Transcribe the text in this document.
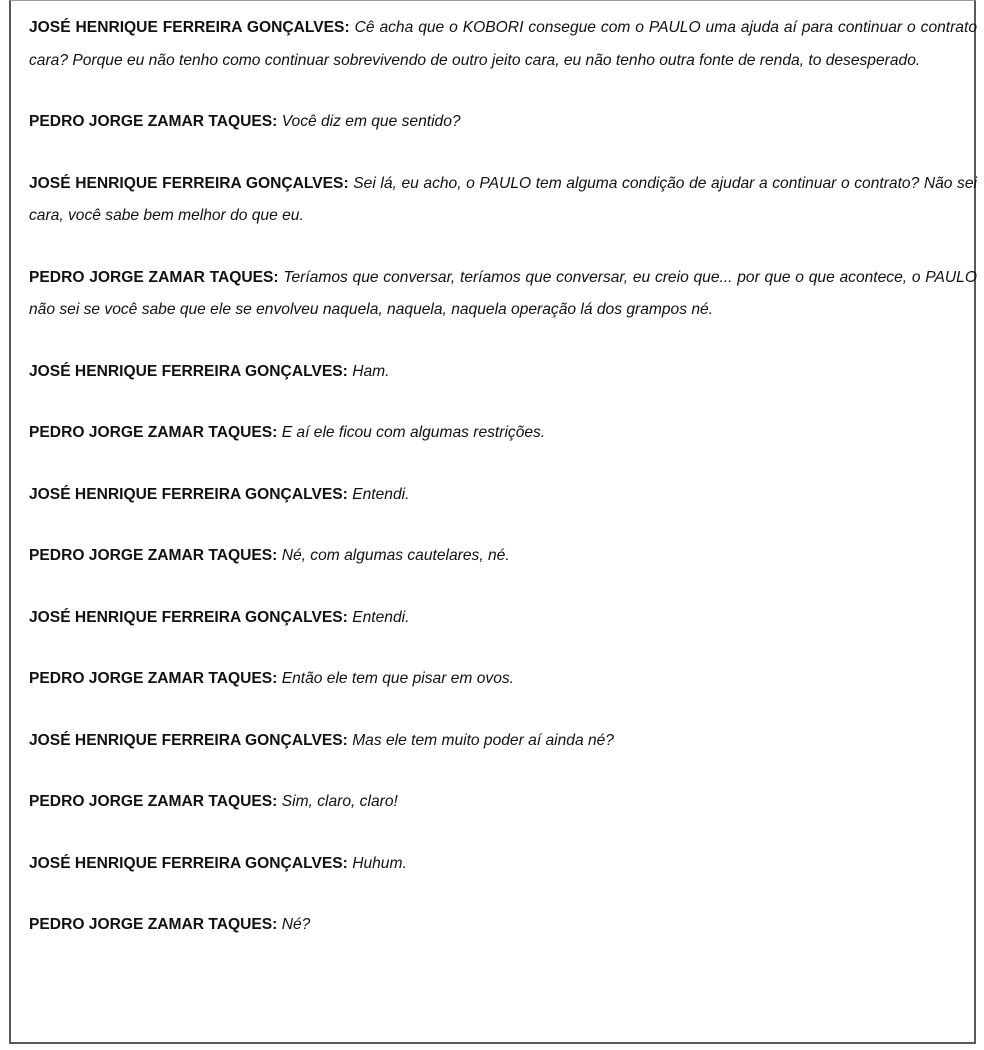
JOSÉ HENRIQUE FERREIRA GONÇALVES: Cê acha que o KOBORI consegue com o PAULO uma ajuda aí para continuar o contrato cara? Porque eu não tenho como continuar sobrevivendo de outro jeito cara, eu não tenho outra fonte de renda, to desesperado.

PEDRO JORGE ZAMAR TAQUES: Você diz em que sentido?

JOSÉ HENRIQUE FERREIRA GONÇALVES: Sei lá, eu acho, o PAULO tem alguma condição de ajudar a continuar o contrato? Não sei cara, você sabe bem melhor do que eu.

PEDRO JORGE ZAMAR TAQUES: Teríamos que conversar, teríamos que conversar, eu creio que... por que o que acontece, o PAULO não sei se você sabe que ele se envolveu naquela, naquela, naquela operação lá dos grampos né.

JOSÉ HENRIQUE FERREIRA GONÇALVES: Ham.

PEDRO JORGE ZAMAR TAQUES: E aí ele ficou com algumas restrições.

JOSÉ HENRIQUE FERREIRA GONÇALVES: Entendi.

PEDRO JORGE ZAMAR TAQUES: Né, com algumas cautelares, né.

JOSÉ HENRIQUE FERREIRA GONÇALVES: Entendi.

PEDRO JORGE ZAMAR TAQUES: Então ele tem que pisar em ovos.

JOSÉ HENRIQUE FERREIRA GONÇALVES: Mas ele tem muito poder aí ainda né?

PEDRO JORGE ZAMAR TAQUES: Sim, claro, claro!

JOSÉ HENRIQUE FERREIRA GONÇALVES: Huhum.

PEDRO JORGE ZAMAR TAQUES: Né?
